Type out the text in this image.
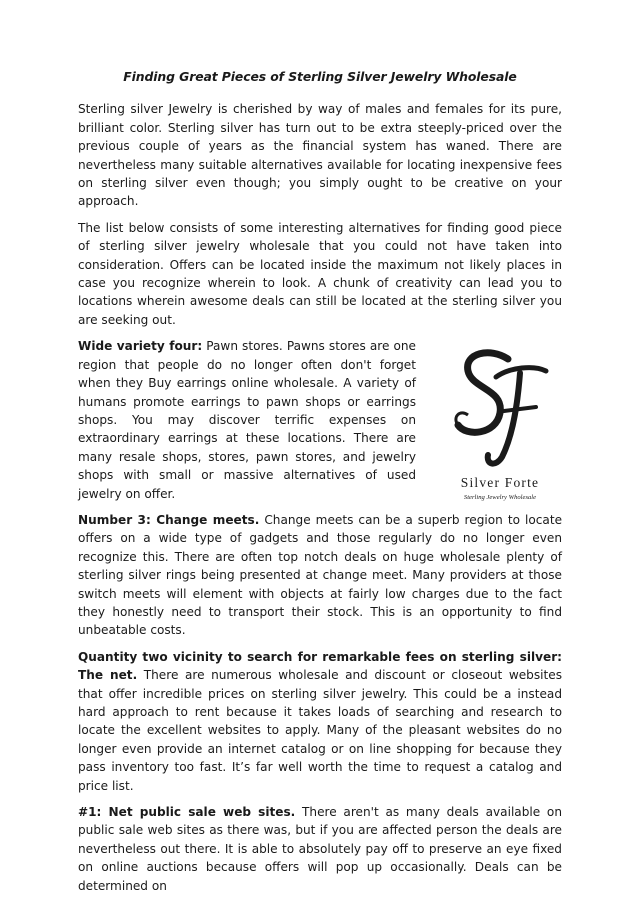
Finding Great Pieces of Sterling Silver Jewelry Wholesale

Sterling silver Jewelry is cherished by way of males and females for its pure, brilliant color. Sterling silver has turn out to be extra steeply-priced over the previous couple of years as the financial system has waned. There are nevertheless many suitable alternatives available for locating inexpensive fees on sterling silver even though; you simply ought to be creative on your approach.

The list below consists of some interesting alternatives for finding good piece of sterling silver jewelry wholesale that you could not have taken into consideration. Offers can be located inside the maximum not likely places in case you recognize wherein to look. A chunk of creativity can lead you to locations wherein awesome deals can still be located at the sterling silver you are seeking out.

Silver Forte
Sterling Jewelry Wholesale

Wide variety four: Pawn stores. Pawns stores are one region that people do no longer often don't forget when they Buy earrings online wholesale. A variety of humans promote earrings to pawn shops or earrings shops. You may discover terrific expenses on extraordinary earrings at these locations. There are many resale shops, stores, pawn stores, and jewelry shops with small or massive alternatives of used jewelry on offer.

Number 3: Change meets. Change meets can be a superb region to locate offers on a wide type of gadgets and those regularly do no longer even recognize this. There are often top notch deals on huge wholesale plenty of sterling silver rings being presented at change meet. Many providers at those switch meets will element with objects at fairly low charges due to the fact they honestly need to transport their stock. This is an opportunity to find unbeatable costs.

Quantity two vicinity to search for remarkable fees on sterling silver: The net. There are numerous wholesale and discount or closeout websites that offer incredible prices on sterling silver jewelry. This could be a instead hard approach to rent because it takes loads of searching and research to locate the excellent websites to apply. Many of the pleasant websites do no longer even provide an internet catalog or on line shopping for because they pass inventory too fast. It’s far well worth the time to request a catalog and price list.

#1: Net public sale web sites. There aren't as many deals available on public sale web sites as there was, but if you are affected person the deals are nevertheless out there. It is able to absolutely pay off to preserve an eye fixed on online auctions because offers will pop up occasionally. Deals can be determined on
